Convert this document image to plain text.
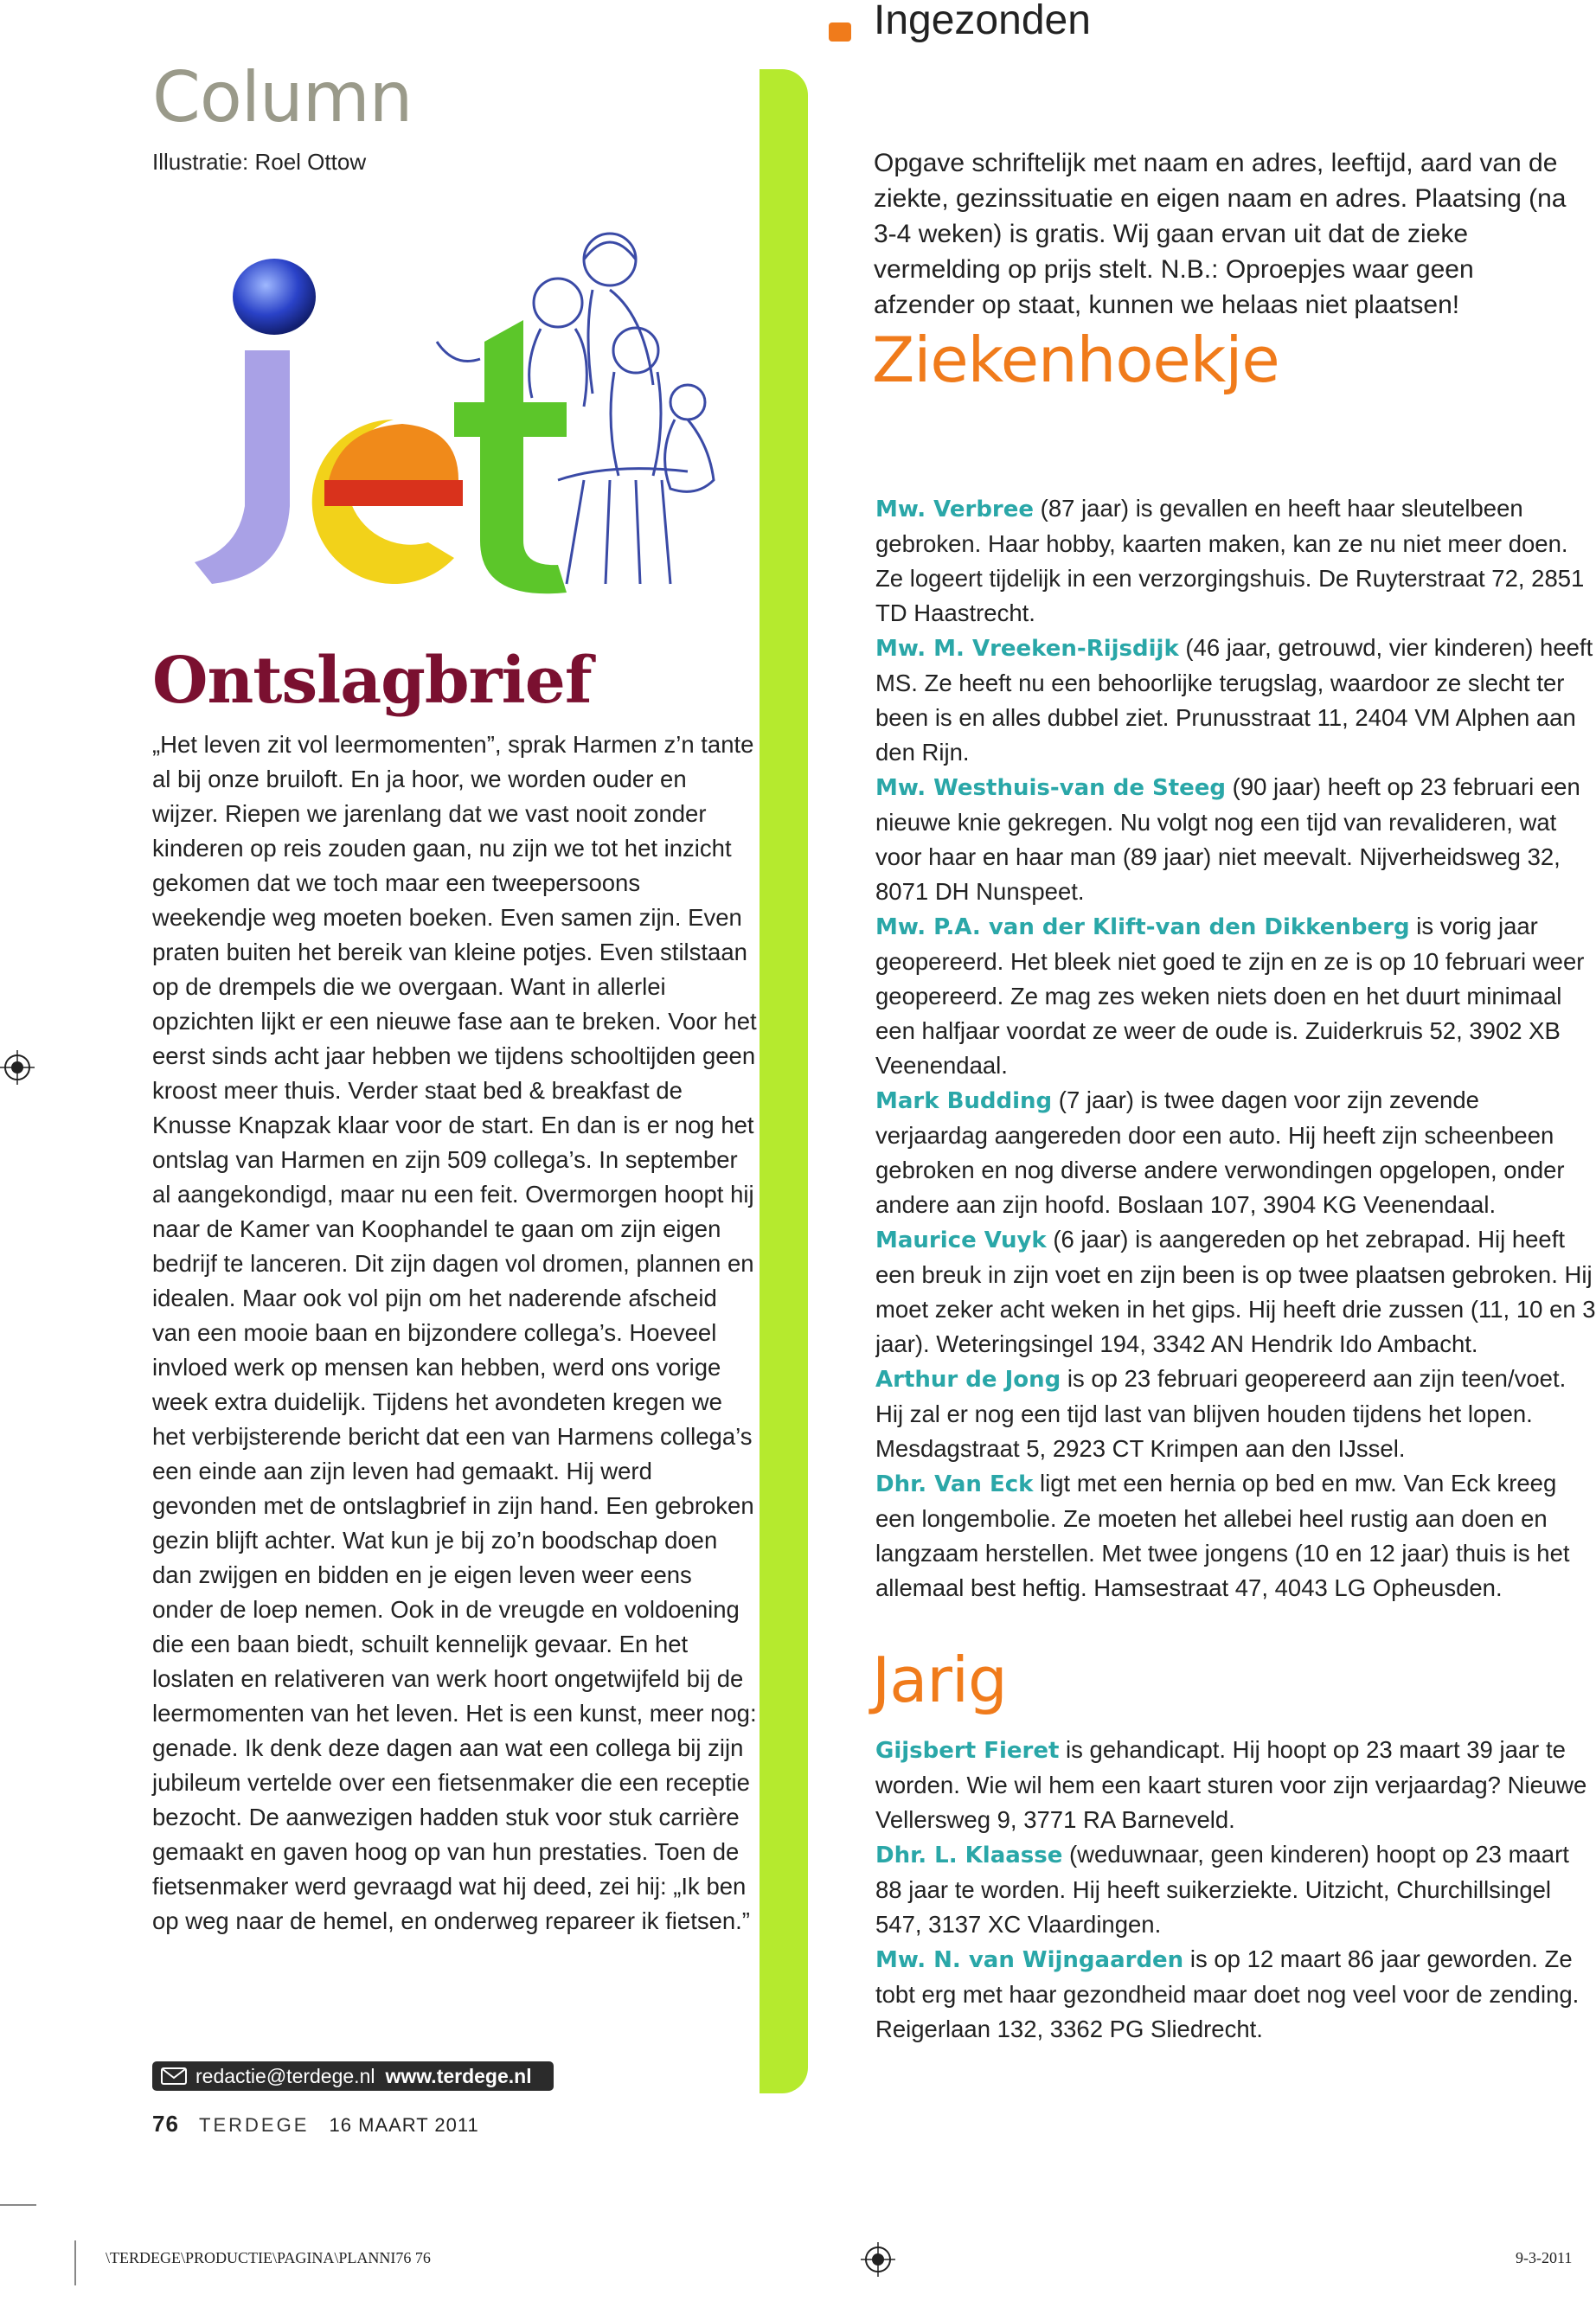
Column
Illustratie: Roel Ottow
Ontslagbrief

„Het leven zit vol leermomenten”, sprak Harmen z’n tante al bij onze bruiloft. En ja hoor, we worden ouder en wijzer. Riepen we jarenlang dat we vast nooit zonder kinderen op reis zouden gaan, nu zijn we tot het inzicht gekomen dat we toch maar een tweepersoons weekendje weg moeten boeken. Even samen zijn. Even praten buiten het bereik van kleine potjes. Even stilstaan op de drempels die we overgaan. Want in allerlei opzichten lijkt er een nieuwe fase aan te breken. Voor het eerst sinds acht jaar hebben we tijdens schooltijden geen kroost meer thuis. Verder staat bed & breakfast de Knusse Knapzak klaar voor de start. En dan is er nog het ontslag van Harmen en zijn 509 collega’s. In september al aangekondigd, maar nu een feit. Overmorgen hoopt hij naar de Kamer van Koophandel te gaan om zijn eigen bedrijf te lanceren. Dit zijn dagen vol dromen, plannen en idealen. Maar ook vol pijn om het naderende afscheid van een mooie baan en bijzondere collega’s. Hoeveel invloed werk op mensen kan hebben, werd ons vorige week extra duidelijk. Tijdens het avondeten kregen we het verbijsterende bericht dat een van Harmens collega’s een einde aan zijn leven had gemaakt. Hij werd gevonden met de ontslagbrief in zijn hand. Een gebroken gezin blijft achter. Wat kun je bij zo’n boodschap doen dan zwijgen en bidden en je eigen leven weer eens onder de loep nemen. Ook in de vreugde en voldoening die een baan biedt, schuilt kennelijk gevaar. En het loslaten en relativeren van werk hoort ongetwijfeld bij de leermomenten van het leven. Het is een kunst, meer nog: genade. Ik denk deze dagen aan wat een collega bij zijn jubileum vertelde over een fietsenmaker die een receptie bezocht. De aanwezigen hadden stuk voor stuk carrière gemaakt en gaven hoog op van hun prestaties. Toen de fietsenmaker werd gevraagd wat hij deed, zei hij: „Ik ben op weg naar de hemel, en onderweg repareer ik fietsen.”

redactie@terdege.nl www.terdege.nl
76 TERDEGE 16 MAART 2011
Ingezonden

Opgave schriftelijk met naam en adres, leeftijd, aard van de ziekte, gezinssituatie en eigen naam en adres. Plaatsing (na 3-4 weken) is gratis. Wij gaan ervan uit dat de zieke vermelding op prijs stelt. N.B.: Oproepjes waar geen afzender op staat, kunnen we helaas niet plaatsen!

Ziekenhoekje

Mw. Verbree (87 jaar) is gevallen en heeft haar sleutelbeen gebroken. Haar hobby, kaarten maken, kan ze nu niet meer doen. Ze logeert tijdelijk in een verzorgingshuis. De Ruyterstraat 72, 2851 TD Haastrecht.

Mw. M. Vreeken-Rijsdijk (46 jaar, getrouwd, vier kinderen) heeft MS. Ze heeft nu een behoorlijke terugslag, waardoor ze slecht ter been is en alles dubbel ziet. Prunusstraat 11, 2404 VM Alphen aan den Rijn.

Mw. Westhuis-van de Steeg (90 jaar) heeft op 23 februari een nieuwe knie gekregen. Nu volgt nog een tijd van revalideren, wat voor haar en haar man (89 jaar) niet meevalt. Nijverheidsweg 32, 8071 DH Nunspeet.

Mw. P.A. van der Klift-van den Dikkenberg is vorig jaar geopereerd. Het bleek niet goed te zijn en ze is op 10 februari weer geopereerd. Ze mag zes weken niets doen en het duurt minimaal een halfjaar voordat ze weer de oude is. Zuiderkruis 52, 3902 XB Veenendaal.

Mark Budding (7 jaar) is twee dagen voor zijn zevende verjaardag aangereden door een auto. Hij heeft zijn scheenbeen gebroken en nog diverse andere verwondingen opgelopen, onder andere aan zijn hoofd. Boslaan 107, 3904 KG Veenendaal.

Maurice Vuyk (6 jaar) is aangereden op het zebrapad. Hij heeft een breuk in zijn voet en zijn been is op twee plaatsen gebroken. Hij moet zeker acht weken in het gips. Hij heeft drie zussen (11, 10 en 3 jaar). Weteringsingel 194, 3342 AN Hendrik Ido Ambacht.

Arthur de Jong is op 23 februari geopereerd aan zijn teen/voet. Hij zal er nog een tijd last van blijven houden tijdens het lopen. Mesdagstraat 5, 2923 CT Krimpen aan den IJssel.

Dhr. Van Eck ligt met een hernia op bed en mw. Van Eck kreeg een longembolie. Ze moeten het allebei heel rustig aan doen en langzaam herstellen. Met twee jongens (10 en 12 jaar) thuis is het allemaal best heftig. Hamsestraat 47, 4043 LG Opheusden.

Jarig

Gijsbert Fieret is gehandicapt. Hij hoopt op 23 maart 39 jaar te worden. Wie wil hem een kaart sturen voor zijn verjaardag? Nieuwe Vellersweg 9, 3771 RA Barneveld.

Dhr. L. Klaasse (weduwnaar, geen kinderen) hoopt op 23 maart 88 jaar te worden. Hij heeft suikerziekte. Uitzicht, Churchillsingel 547, 3137 XC Vlaardingen.

Mw. N. van Wijngaarden is op 12 maart 86 jaar geworden. Ze tobt erg met haar gezondheid maar doet nog veel voor de zending. Reigerlaan 132, 3362 PG Sliedrecht.

\TERDEGE\PRODUCTIE\PAGINA\PLANNI76 76	9-3-2011
